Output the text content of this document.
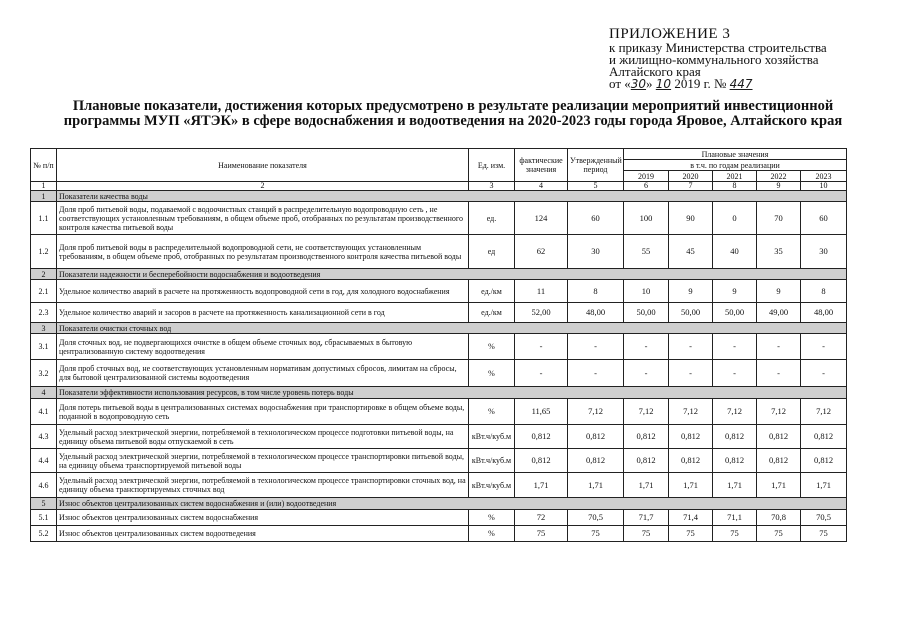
ПРИЛОЖЕНИЕ 3
к приказу Министерства строительства
и жилищно-коммунального хозяйства
Алтайского края
от «30» 10 2019 г. № 447
Плановые показатели, достижения которых предусмотрено в результате реализации мероприятий инвестиционной программы МУП «ЯТЭК» в сфере водоснабжения и водоотведения на 2020-2023 годы города Яровое, Алтайского края
№ п/п	Наименование показателя	Ед. изм.	фактические значения	Утвержденный период	Плановые значения				
					в т.ч. по годам реализации				
					2019	2020	2021	2022	2023
1	2	3	4	5	6	7	8	9	10
1	Показатели качества воды								
1.1	Доля проб питьевой воды, подаваемой с водоочистных станций в распределительную водопроводную сеть , не соответствующих установленным требованиям, в общем объеме проб, отобранных по результатам производственного контроля качества питьевой воды	ед.	124	60	100	90	0	70	60
1.2	Доля проб питьевой воды в распределительной водопроводной сети, не соответствующих установленным требованиям, в общем объеме проб, отобранных по результатам производственного контроля качества питьевой воды	ед	62	30	55	45	40	35	30
2	Показатели надежности и бесперебойности водоснабжения и водоотведения								
2.1	Удельное количество аварий в расчете на протяженность водопроводной сети в год, для холодного водоснабжения	ед./км	11	8	10	9	9	9	8
2.3	Удельное количество аварий и засоров в расчете на протяженность канализационной сети в год	ед./км	52,00	48,00	50,00	50,00	50,00	49,00	48,00
3	Показатели очистки сточных вод								
3.1	Доля сточных вод, не подвергающихся очистке в общем объеме сточных вод, сбрасываемых в бытовую централизованную систему водоотведения	%	-	-	-	-	-	-	-
3.2	Доля проб сточных вод, не соответствующих установленным нормативам допустимых сбросов, лимитам на сбросы, для бытовой централизованной системы водоотведения	%	-	-	-	-	-	-	-
4	Показатели эффективности использования ресурсов, в том числе уровень потерь воды								
4.1	Доля потерь питьевой воды в централизованных системах водоснабжения при транспортировке в общем объеме воды, поданной в водопроводную сеть	%	11,65	7,12	7,12	7,12	7,12	7,12	7,12
4.3	Удельный расход электрической энергии, потребляемой в технологическом процессе подготовки питьевой воды, на единицу объема питьевой воды отпускаемой в сеть	кВт.ч/куб.м	0,812	0,812	0,812	0,812	0,812	0,812	0,812
4.4	Удельный расход электрической энергии, потребляемой в технологическом процессе транспортировки питьевой воды, на единицу объема транспортируемой питьевой воды	кВт.ч/куб.м	0,812	0,812	0,812	0,812	0,812	0,812	0,812
4.6	Удельный расход электрической энергии, потребляемой в технологическом процессе транспортировки сточных вод, на единицу объема транспортируемых сточных вод	кВт.ч/куб.м	1,71	1,71	1,71	1,71	1,71	1,71	1,71
5	Износ объектов централизованных систем водоснабжения и (или) водоотведения								
5.1	Износ объектов централизованных систем водоснабжения	%	72	70,5	71,7	71,4	71,1	70,8	70,5
5.2	Износ объектов централизованных систем водоотведения	%	75	75	75	75	75	75	75
